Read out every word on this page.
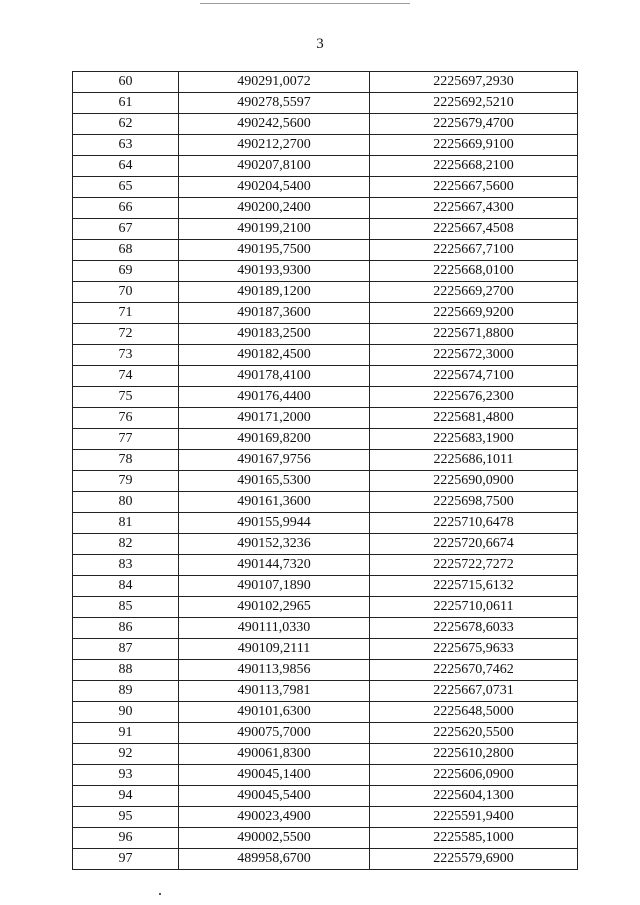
3
60	490291,0072	2225697,2930
61	490278,5597	2225692,5210
62	490242,5600	2225679,4700
63	490212,2700	2225669,9100
64	490207,8100	2225668,2100
65	490204,5400	2225667,5600
66	490200,2400	2225667,4300
67	490199,2100	2225667,4508
68	490195,7500	2225667,7100
69	490193,9300	2225668,0100
70	490189,1200	2225669,2700
71	490187,3600	2225669,9200
72	490183,2500	2225671,8800
73	490182,4500	2225672,3000
74	490178,4100	2225674,7100
75	490176,4400	2225676,2300
76	490171,2000	2225681,4800
77	490169,8200	2225683,1900
78	490167,9756	2225686,1011
79	490165,5300	2225690,0900
80	490161,3600	2225698,7500
81	490155,9944	2225710,6478
82	490152,3236	2225720,6674
83	490144,7320	2225722,7272
84	490107,1890	2225715,6132
85	490102,2965	2225710,0611
86	490111,0330	2225678,6033
87	490109,2111	2225675,9633
88	490113,9856	2225670,7462
89	490113,7981	2225667,0731
90	490101,6300	2225648,5000
91	490075,7000	2225620,5500
92	490061,8300	2225610,2800
93	490045,1400	2225606,0900
94	490045,5400	2225604,1300
95	490023,4900	2225591,9400
96	490002,5500	2225585,1000
97	489958,6700	2225579,6900
